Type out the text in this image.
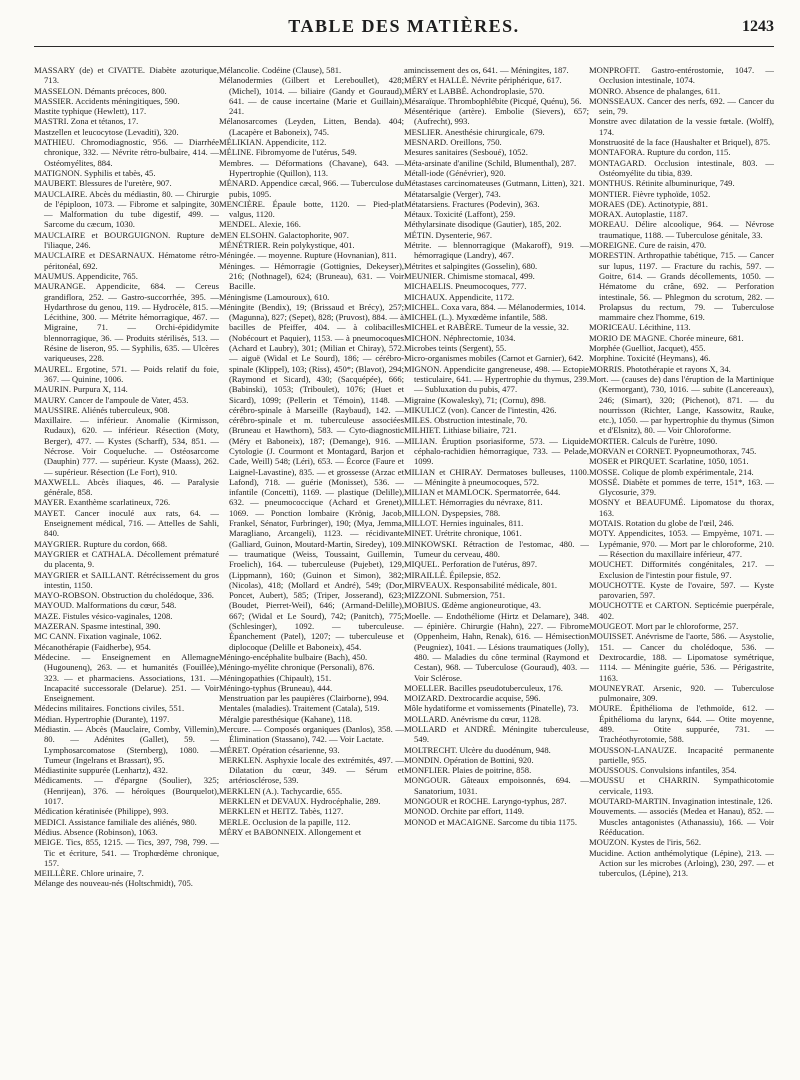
TABLE DES MATIÈRES.	1243

MASSARY (de) et CIVATTE. Diabète azoturique, 713.

MASSELON. Démants précoces, 800.

MASSIER. Accidents méningitiques, 590.

Mastite typhique (Hewlett), 117.

MASTRI. Zona et tétanos, 17.

Mastzellen et leucocytose (Levaditi), 320.

MATHIEU. Chromodiagnostic, 956. — Diarrhée chronique, 332. — Névrite rétro-bulbaire, 414. — Ostéomyélites, 884.

MATIGNON. Syphilis et tabès, 45.

MAUBERT. Blessures de l'uretère, 907.

MAUCLAIRE. Abcès du médiastin, 80. — Chirurgie de l'épiploon, 1073. — Fibrome et salpingite, 30 — Malformation du tube digestif, 499. — Sarcome du cæcum, 1030.

MAUCLAIRE et BOURGUIGNON. Rupture de l'iliaque, 246.

MAUCLAIRE et DESARNAUX. Hématome rétro-péritonéal, 692.

MAUMUS. Appendicite, 765.

MAURANGE. Appendicite, 684. — Cereus grandiflora, 252. — Gastro-succorrhée, 395. — Hydarthrose du genou, 119. — Hydrocèle, 815. — Lécithine, 300. — Métrite hémorragique, 467. — Migraine, 71. — Orchi-épididymite blennorragique, 36. — Produits stérilisés, 513. — Résine de liseron, 95. — Syphilis, 635. — Ulcères variqueuses, 228.

MAUREL. Ergotine, 571. — Poids relatif du foie, 367. — Quinine, 1006.

MAURIN. Purpura X, 114.

MAURY. Cancer de l'ampoule de Vater, 453.

MAUSSIRE. Aliénés tuberculeux, 908.

Maxillaire. — inférieur. Anomalie (Kirmisson, Rudaux), 620. — inférieur. Résection (Moty, Berger), 477. — Kystes (Scharff), 534, 851. — Nécrose. Voir Coqueluche. — Ostéosarcome (Dauphin) 777. — supérieur. Kyste (Maass), 262. — supérieur. Résection (Le Fort), 910.

MAXWELL. Abcès iliaques, 46. — Paralysie générale, 858.

MAYER. Exanthème scarlatineux, 726.

MAYET. Cancer inoculé aux rats, 64. — Enseignement médical, 716. — Attelles de Sahli, 840.

MAYGRIER. Rupture du cordon, 668.

MAYGRIER et CATHALA. Décollement prématuré du placenta, 9.

MAYGRIER et SAILLANT. Rétrécissement du gros intestin, 1150.

MAYO-ROBSON. Obstruction du cholédoque, 336.

MAYOUD. Malformations du cœur, 548.

MAZE. Fistules vésico-vaginales, 1208.

MAZERAN. Spasme intestinal, 390.

MC CANN. Fixation vaginale, 1062.

Mécanothérapie (Faidherbe), 954.

Médecine. — Enseignement en Allemagne (Hugounenq), 263. — et humanités (Fouillée), 323. — et pharmaciens. Associations, 131. — Incapacité successorale (Delarue). 251. — Voir Enseignement.

Médecins militaires. Fonctions civiles, 551.

Médian. Hypertrophie (Durante), 1197.

Médiastin. — Abcès (Mauclaire, Comby, Villemin), 80. — Adénites (Gallet), 59. — Lymphosarcomatose (Sternberg), 1080. — Tumeur (Ingelrans et Brassart), 95.

Médiastinite suppurée (Lenhartz), 432.

Médicaments. — d'épargne (Soulier), 325; (Henrijean), 376. — héroïques (Bourquelot), 1017.

Médication kératinisée (Philippe), 993.

MEDICI. Assistance familiale des aliénés, 980.

Médius. Absence (Robinson), 1063.

MEIGE. Tics, 855, 1215. — Tics, 397, 798, 799. — Tic et écriture, 541. — Trophœdème chronique, 157.

MEILLÈRE. Chlore urinaire, 7.

Mélange des nouveau-nés (Holtschmidt), 705.

Mélancolie. Codéine (Clause), 581.

Mélanodermies (Gilbert et Lereboullet), 428; (Michel), 1014. — biliaire (Gandy et Gouraud), 641. — de cause incertaine (Marie et Guillain), 241.

Mélanosarcomes (Leyden, Litten, Benda). 404; (Lacapère et Baboneix), 745.

MÉLIKIAN. Appendicite, 112.

MÉLINE. Fibromyome de l'utérus, 549.

Membres. — Déformations (Chavane), 643. — Hypertrophie (Quillon), 113.

MÉNARD. Appendice cæcal, 966. — Tuberculose du pubis, 1095.

MENCIÈRE. Épaule botte, 1120. — Pied-plat valgus, 1120.

MENDEL. Alexie, 166.

MEN ELSOHN. Galactophorite, 907.

MÉNÉTRIER. Rein polykystique, 401.

Méningée. — moyenne. Rupture (Hovnanian), 811.

Méninges. — Hémorragie (Gottignies, Dekeyser), 216; (Nothnagel), 624; (Bruneau), 631. — Voir Bacille.

Méningisme (Lamouroux), 610.

Méningite (Bendix), 19; (Brissaud et Brécy), 257; (Magunna), 827; (Sepet), 828; (Pruvost), 884. — à bacilles de Pfeiffer, 404. — à colibacilles (Nobécourt et Paquier), 1153. — à pneumocoques (Achard et Laubry), 301; (Milian et Chiray), 572. — aiguë (Widal et Le Sourd), 186; — cérébro-spinale (Klippel), 103; (Riss), 450*; (Blavot), 294; (Raymond et Sicard), 430; (Sacquépée), 666; (Babinski), 1053; (Triboulet), 1076; (Huet et Sicard), 1099; (Pellerin et Témoin), 1148. — cérébro-spinale à Marseille (Raybaud), 142. — cérébro-spinale et m. tuberculeuse associées (Bruneau et Hawthorn), 583. — Cyto-diagnostic (Méry et Baboneix), 187; (Demange), 916. — Cytologie (J. Courmont et Montagard, Barjon et Cade, Weill) 548; (Léri), 653. — Écorce (Faure et Laignel-Lavastine), 835. — et grossesse (Arzac et Lafond), 718. — guérie (Monisset), 536. — infantile (Concetti), 1169. — plastique (Delille), 632. — pneumococcique (Achard et Grenet), 1069. — Ponction lombaire (Krönig, Jacob, Frankel, Sénator, Furbringer), 190; (Mya, Jemma, Maragliano, Arcangeli), 1123. — récidivante (Galliard, Guinon, Moutard-Martin, Siredey), 109. — traumatique (Weiss, Toussaint, Guillemin, Froelich), 164. — tuberculeuse (Pujebet), 129, (Lippmann), 160; (Guinon et Simon), 382; (Nicolas), 418; (Mollard et André), 549; (Dor, Poncet, Aubert), 585; (Triper, Josserand), 623; (Boudet, Pierret-Weil), 646; (Armand-Delille), 667; (Widal et Le Sourd), 742; (Panitch), 775; (Schlesinger), 1092. — tuberculeuse. Épanchement (Patel), 1207; — tuberculeuse et diplocoque (Delille et Baboneix), 454.

Méningo-encéphalite bulbaire (Bach), 450.

Méningo-myélite chronique (Personali), 876.

Méningopathies (Chipault), 151.

Méningo-typhus (Bruneau), 444.

Menstruation par les paupières (Clairborne), 994.

Mentales (maladies). Traitement (Catala), 519.

Méralgie paresthésique (Kahane), 118.

Mercure. — Composés organiques (Danlos), 358. — Élimination (Stassano), 742. — Voir Lactate.

MÉRET. Opération césarienne, 93.

MERKLEN. Asphyxie locale des extrémités, 497. — Dilatation du cœur, 349. — Sérum et artériosclérose, 539.

MERKLEN (A.). Tachycardie, 655.

MERKLEN et DEVAUX. Hydrocéphalie, 289.

MERKLEN et HEITZ. Tabès, 1127.

MERLE. Occlusion de la papille, 112.

MÉRY et BABONNEIX. Allongement et

amincissement des os, 641. — Méningites, 187.

MÉRY et HALLÉ. Névrite périphérique, 617.

MÉRY et LABBÉ. Achondroplasie, 570.

Mésaraïque. Thrombophlébite (Picqué, Quénu), 56.

Mésentérique (artère). Embolie (Sievers), 657; (Aufrecht), 993.

MESLIER. Anesthésie chirurgicale, 679.

MESNARD. Oreillons, 750.

Mesures sanitaires (Sesboué), 1052.

Méta-arsinate d'aniline (Schild, Blumenthal), 287.

Métall-iode (Génévrier), 920.

Métastases carcinomateuses (Gutmann, Litten), 321.

Métatarsalgie (Verger), 743.

Métatarsiens. Fractures (Podevin), 363.

Métaux. Toxicité (Laffont), 259.

Méthylarsinate disodique (Gautier), 185, 202.

MÉTIN. Dysenterie, 967.

Métrite. — blennorragique (Makaroff), 919. — hémorragique (Landry), 467.

Métrites et salpingites (Gosselin), 680.

MEUNIER. Chimisme stomacal, 499.

MICHAELIS. Pneumocoques, 777.

MICHAUX. Appendicite, 1172.

MICHEL. Coxa vara, 884. — Mélanodermies, 1014.

MICHEL (L.). Myxœdème infantile, 588.

MICHEL et RABÈRE. Tumeur de la vessie, 32.

MICHON. Néphrectomie, 1034.

Microbes teints (Sergent), 55.

Micro-organismes mobiles (Carnot et Garnier), 642.

MIGNON. Appendicite gangreneuse, 498. — Ectopie testiculaire, 641. — Hypertrophie du thymus, 239. — Subluxation du pubis, 477.

Migraine (Kowalesky), 71; (Cornu), 898.

MIKULICZ (von). Cancer de l'intestin, 426.

MILES. Obstruction intestinale, 70.

MILHIET. Lithiase biliaire, 721.

MILIAN. Éruption psoriasiforme, 573. — Liquide céphalo-rachidien hémorragique, 733. — Pelade, 1099.

MILIAN et CHIRAY. Dermatoses bulleuses, 1100. — Méningite à pneumocoques, 572.

MILIAN et MAMLOCK. Spermatorrée, 644.

MILLET. Hémorragies du névraxe, 811.

MILLON. Dyspepsies, 788.

MILLOT. Hernies inguinales, 811.

MINET. Urétrite chronique, 1061.

MINKOWSKI. Rétraction de l'estomac, 480. — Tumeur du cerveau, 480.

MIQUEL. Perforation de l'utérus, 897.

MIRAILLÉ. Épilepsie, 852.

MIRVEAUX. Responsabilité médicale, 801.

MIZZONI. Submersion, 751.

MOBIUS. Œdème angioneurotique, 43.

Moelle. — Endothéliome (Hirtz et Delamare), 348. — épinière. Chirurgie (Hahn), 227. — Fibrome (Oppenheim, Hahn, Renak), 616. — Hémisection (Peugniez), 1041. — Lésions traumatiques (Jolly), 480. — Maladies du cône terminal (Raymond et Cestan), 968. — Tuberculose (Gouraud), 403. — Voir Sclérose.

MOELLER. Bacilles pseudotuberculeux, 176.

MOIZARD. Dextrocardie acquise, 596.

Môle hydatiforme et vomissements (Pinatelle), 73.

MOLLARD. Anévrisme du cœur, 1128.

MOLLARD et ANDRÉ. Méningite tuberculeuse, 549.

MOLTRECHT. Ulcère du duodénum, 948.

MONDIN. Opération de Bottini, 920.

MONFLIER. Plaies de poitrine, 858.

MONGOUR. Gâteaux empoisonnés, 694. — Sanatorium, 1031.

MONGOUR et ROCHE. Laryngo-typhus, 287.

MONOD. Orchite par effort, 1149.

MONOD et MACAIGNE. Sarcome du tibia 1175.

MONPROFIT. Gastro-entérostomie, 1047. — Occlusion intestinale, 1074.

MONRO. Absence de phalanges, 611.

MONSSEAUX. Cancer des nerfs, 692. — Cancer du sein, 79.

Monstre avec dilatation de la vessie fœtale. (Wolff), 174.

Monstruosité de la face (Haushalter et Briquel), 875.

MONTAFORA. Rupture du cordon, 115.

MONTAGARD. Occlusion intestinale, 803. — Ostéomyélite du tibia, 839.

MONTHUS. Rétinite albuminurique, 749.

MONTIER. Fièvre typhoïde, 1052.

MORAES (DE). Actinotypie, 881.

MORAX. Autoplastie, 1187.

MOREAU. Délire alcoolique, 964. — Névrose traumatique, 1188. — Tuberculose génitale, 33.

MOREIGNE. Cure de raisin, 470.

MORESTIN. Arthropathie tabétique, 715. — Cancer sur lupus, 1197. — Fracture du rachis, 597. — Goitre, 614. — Grands décollements, 1050. — Hématome du crâne, 692. — Perforation intestinale, 56. — Phlegmon du scrotum, 282. — Prolapsus du rectum, 79. — Tuberculose mammaire chez l'homme, 619.

MORICEAU. Lécithine, 113.

MORIO DE MAGNE. Chorée mineure, 681.

Morphée (Guelliot, Jacquet), 455.

Morphine. Toxicité (Heymans), 46.

MORRIS. Photothérapie et rayons X, 34.

Mort. — (causes de) dans l'éruption de la Martinique (Kermorgant), 730, 1016. — subite (Lancereaux), 246; (Simart), 320; (Pichenot), 871. — du nourrisson (Richter, Lange, Kassowitz, Rauke, etc.), 1050. — par hypertrophie du thymus (Simon et d'Elsnitz), 80. — Voir Chloroforme.

MORTIER. Calculs de l'urètre, 1090.

MORVAN et CORNET. Pyopneumothorax, 745.

MOSER et PIRQUET. Scarlatine, 1050, 1051.

MOSSE. Colique de plomb expérimentale, 214.

MOSSÉ. Diabète et pommes de terre, 151*, 163. — Glycosurie, 379.

MOSNY et BEAUFUMÉ. Lipomatose du thorax, 163.

MOTAIS. Rotation du globe de l'œil, 246.

MOTY. Appendicites, 1053. — Empyème, 1071. — Lypémanie, 970. — Mort par le chloroforme, 210. — Résection du maxillaire inférieur, 477.

MOUCHET. Difformités congénitales, 217. — Exclusion de l'intestin pour fistule, 97.

MOUCHOTTE. Kyste de l'ovaire, 597. — Kyste parovarien, 597.

MOUCHOTTE et CARTON. Septicémie puerpérale, 402.

MOUGEOT. Mort par le chloroforme, 257.

MOUISSET. Anévrisme de l'aorte, 586. — Asystolie, 151. — Cancer du cholédoque, 536. — Dextrocardie, 188. — Lipomatose symétrique, 1114. — Méningite guérie, 536. — Périgastrite, 1163.

MOUNEYRAT. Arsenic, 920. — Tuberculose pulmonaire, 309.

MOURE. Épithélioma de l'ethmoïde, 612. — Épithélioma du larynx, 644. — Otite moyenne, 489. — Otite suppurée, 731. — Trachéothyrotomie, 588.

MOUSSON-LANAUZE. Incapacité permanente partielle, 955.

MOUSSOUS. Convulsions infantiles, 354.

MOUSSU et CHARRIN. Sympathicotomie cervicale, 1193.

MOUTARD-MARTIN. Invagination intestinale, 126.

Mouvements. — associés (Medea et Hanau), 852. — Muscles antagonistes (Athanassiu), 166. — Voir Rééducation.

MOUZON. Kystes de l'iris, 562.

Mucidine. Action anthémolytique (Lépine), 213. — Action sur les microbes (Arloing), 230, 297. — et tuberculos, (Lépine), 213.
